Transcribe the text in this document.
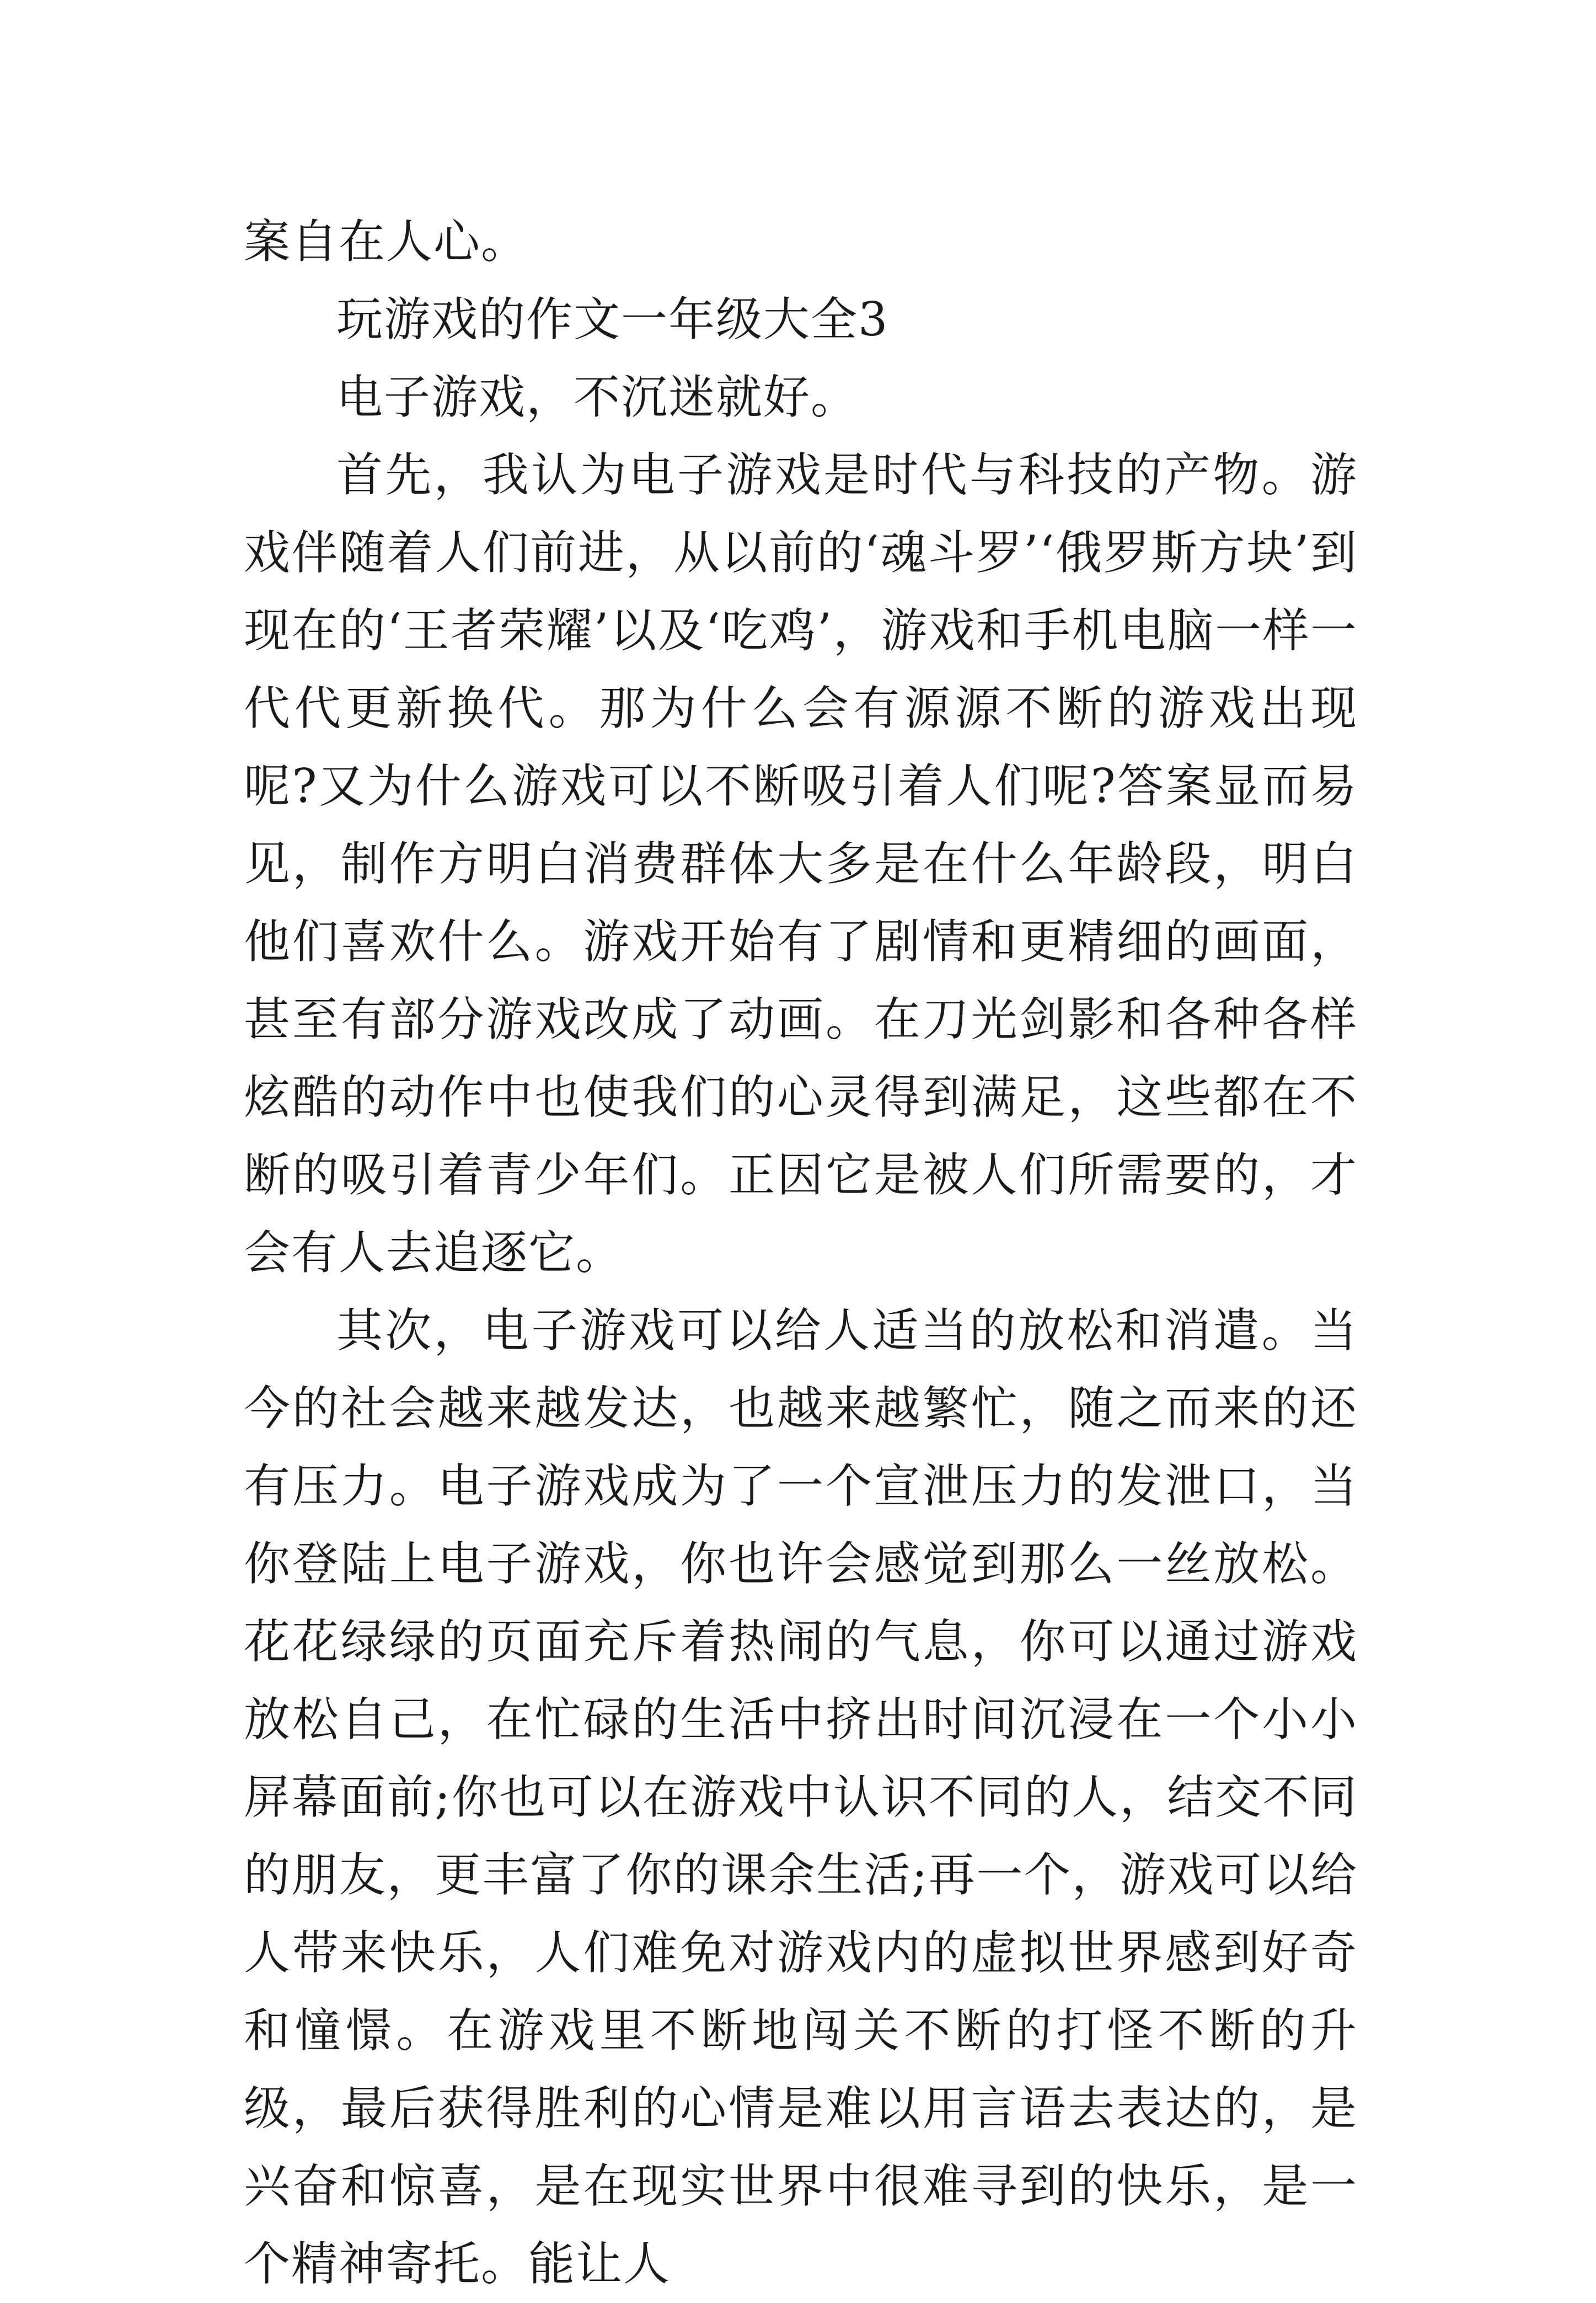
案自在人心。

玩游戏的作文一年级大全3

电子游戏，不沉迷就好。

首先，我认为电子游戏是时代与科技的产物。游戏伴随着人们前进，从以前的‘魂斗罗’‘俄罗斯方块’到现在的‘王者荣耀’以及‘吃鸡’，游戏和手机电脑一样一代代更新换代。那为什么会有源源不断的游戏出现呢?又为什么游戏可以不断吸引着人们呢?答案显而易见，制作方明白消费群体大多是在什么年龄段，明白他们喜欢什么。游戏开始有了剧情和更精细的画面，甚至有部分游戏改成了动画。在刀光剑影和各种各样炫酷的动作中也使我们的心灵得到满足，这些都在不断的吸引着青少年们。正因它是被人们所需要的，才会有人去追逐它。

其次，电子游戏可以给人适当的放松和消遣。当今的社会越来越发达，也越来越繁忙，随之而来的还有压力。电子游戏成为了一个宣泄压力的发泄口，当你登陆上电子游戏，你也许会感觉到那么一丝放松。花花绿绿的页面充斥着热闹的气息，你可以通过游戏放松自己，在忙碌的生活中挤出时间沉浸在一个小小屏幕面前;你也可以在游戏中认识不同的人，结交不同的朋友，更丰富了你的课余生活;再一个，游戏可以给人带来快乐，人们难免对游戏内的虚拟世界感到好奇和憧憬。在游戏里不断地闯关不断的打怪不断的升级，最后获得胜利的心情是难以用言语去表达的，是兴奋和惊喜，是在现实世界中很难寻到的快乐，是一个精神寄托。能让人
